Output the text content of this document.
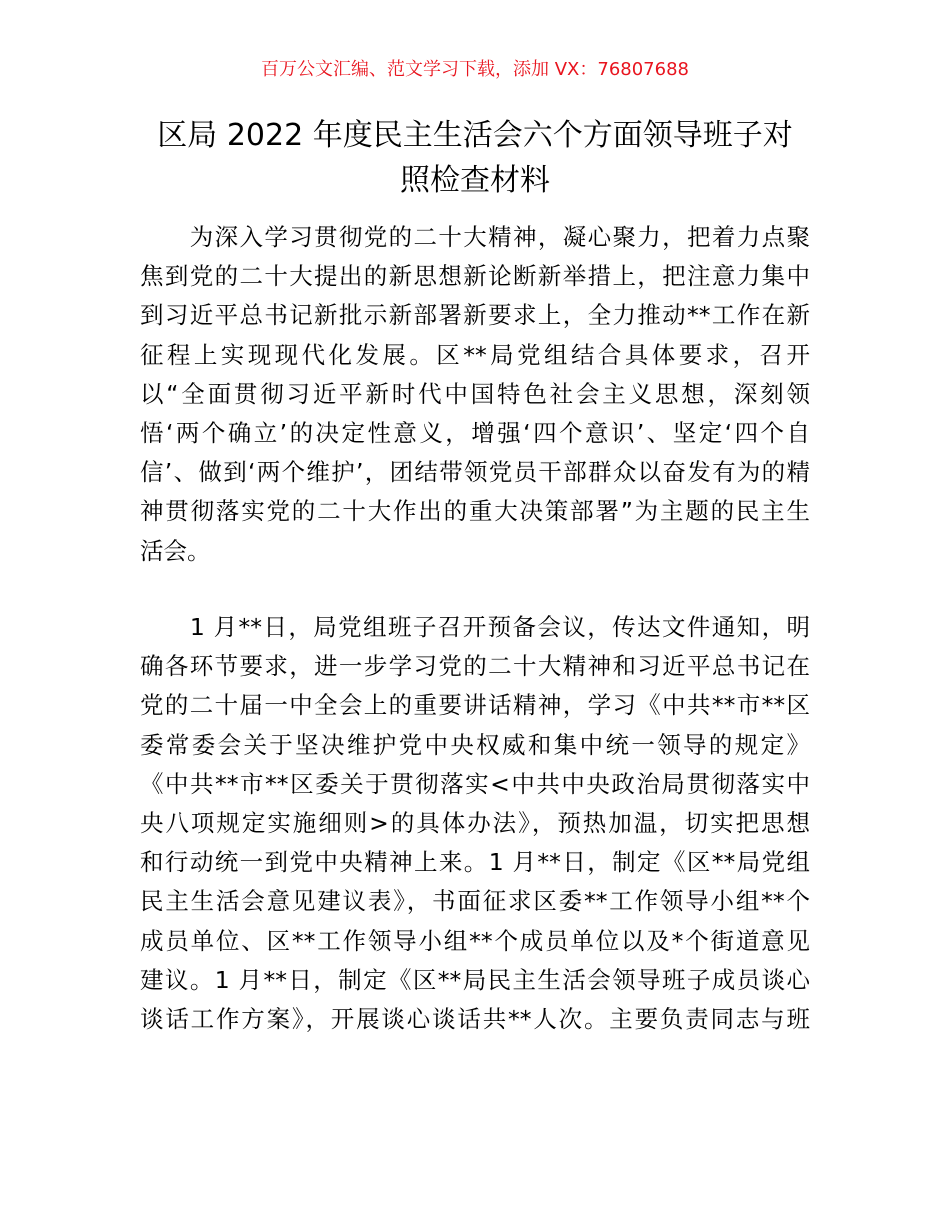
百万公文汇编、范文学习下载，添加 VX：76807688
区局 2022 年度民主生活会六个方面领导班子对
照检查材料
　　为深入学习贯彻党的二十大精神，凝心聚力，把着力点聚
焦到党的二十大提出的新思想新论断新举措上，把注意力集中
到习近平总书记新批示新部署新要求上，全力推动**工作在新
征程上实现现代化发展。区**局党组结合具体要求，召开
以“全面贯彻习近平新时代中国特色社会主义思想，深刻领
悟‘两个确立’的决定性意义，增强‘四个意识’、坚定‘四个自
信’、做到‘两个维护’，团结带领党员干部群众以奋发有为的精
神贯彻落实党的二十大作出的重大决策部署”为主题的民主生
活会。
　　1 月**日，局党组班子召开预备会议，传达文件通知，明
确各环节要求，进一步学习党的二十大精神和习近平总书记在
党的二十届一中全会上的重要讲话精神，学习《中共**市**区
委常委会关于坚决维护党中央权威和集中统一领导的规定》
《中共**市**区委关于贯彻落实<中共中央政治局贯彻落实中
央八项规定实施细则>的具体办法》，预热加温，切实把思想
和行动统一到党中央精神上来。1 月**日，制定《区**局党组
民主生活会意见建议表》，书面征求区委**工作领导小组**个
成员单位、区**工作领导小组**个成员单位以及*个街道意见
建议。1 月**日，制定《区**局民主生活会领导班子成员谈心
谈话工作方案》，开展谈心谈话共**人次。主要负责同志与班
